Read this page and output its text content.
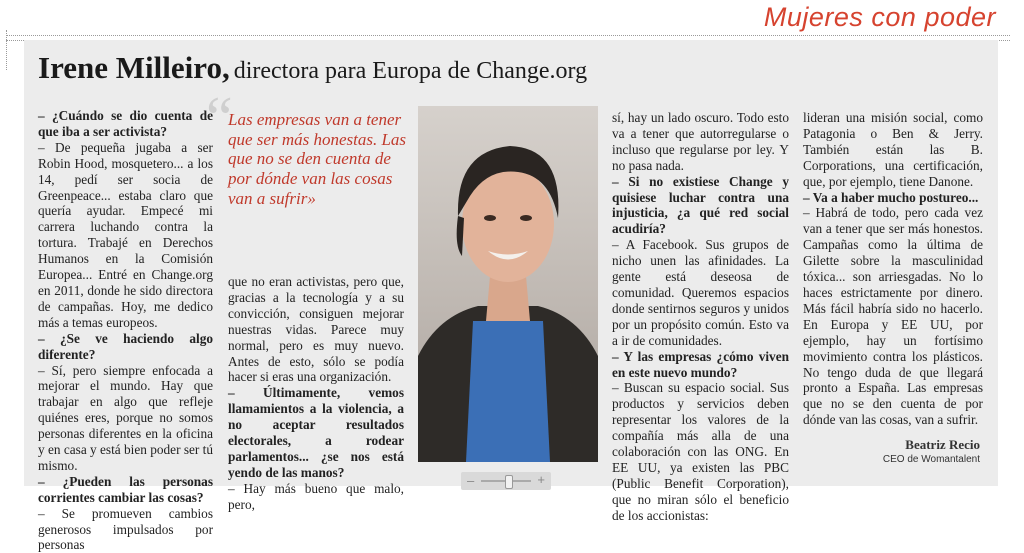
Mujeres con poder
Irene Milleiro, directora para Europa de Change.org

– ¿Cuándo se dio cuenta de que iba a ser activista?

– De pequeña jugaba a ser Robin Hood, mosquetero... a los 14, pedí ser socia de Greenpeace... estaba claro que quería ayudar. Empecé mi carrera luchando contra la tortura. Trabajé en Derechos Humanos en la Comisión Europea... Entré en Change.org en 2011, donde he sido directora de campañas. Hoy, me dedico más a temas europeos.

– ¿Se ve haciendo algo diferente?

– Sí, pero siempre enfocada a mejorar el mundo. Hay que trabajar en algo que refleje quiénes eres, porque no somos personas diferentes en la oficina y en casa y está bien poder ser tú mismo.

– ¿Pueden las personas corrientes cambiar las cosas?

– Se promueven cambios generosos impulsados por personas

“
Las empresas van a tener que ser más honestas. Las que no se den cuenta de por dónde van las cosas van a sufrir»

que no eran activistas, pero que, gracias a la tecnología y a su convicción, consiguen mejorar nuestras vidas. Parece muy normal, pero es muy nuevo. Antes de esto, sólo se podía hacer si eras una organización.

– Últimamente, vemos llamamientos a la violencia, a no aceptar resultados electorales, a rodear parlamentos... ¿se nos está yendo de las manos?

– Hay más bueno que malo, pero,

sí, hay un lado oscuro. Todo esto va a tener que autorregularse o incluso que regularse por ley. Y no pasa nada.

– Si no existiese Change y quisiese luchar contra una injusticia, ¿a qué red social acudiría?

– A Facebook. Sus grupos de nicho unen las afinidades. La gente está deseosa de comunidad. Queremos espacios donde sentirnos seguros y unidos por un propósito común. Esto va a ir de comunidades.

– Y las empresas ¿cómo viven en este nuevo mundo?

– Buscan su espacio social. Sus productos y servicios deben representar los valores de la compañía más alla de una colaboración con las ONG. En EE UU, ya existen las PBC (Public Benefit Corporation), que no miran sólo el beneficio de los accionistas:

lideran una misión social, como Patagonia o Ben & Jerry. También están las B. Corporations, una certificación, que, por ejemplo, tiene Danone.

– Va a haber mucho postureo...

– Habrá de todo, pero cada vez van a tener que ser más honestos. Campañas como la última de Gilette sobre la masculinidad tóxica... son arriesgadas. No lo haces estrictamente por dinero. Más fácil habría sido no hacerlo. En Europa y EE UU, por ejemplo, hay un fortísimo movimiento contra los plásticos. No tengo duda de que llegará pronto a España. Las empresas que no se den cuenta de por dónde van las cosas, van a sufrir.

Beatriz Recio
CEO de Womantalent
–	+
